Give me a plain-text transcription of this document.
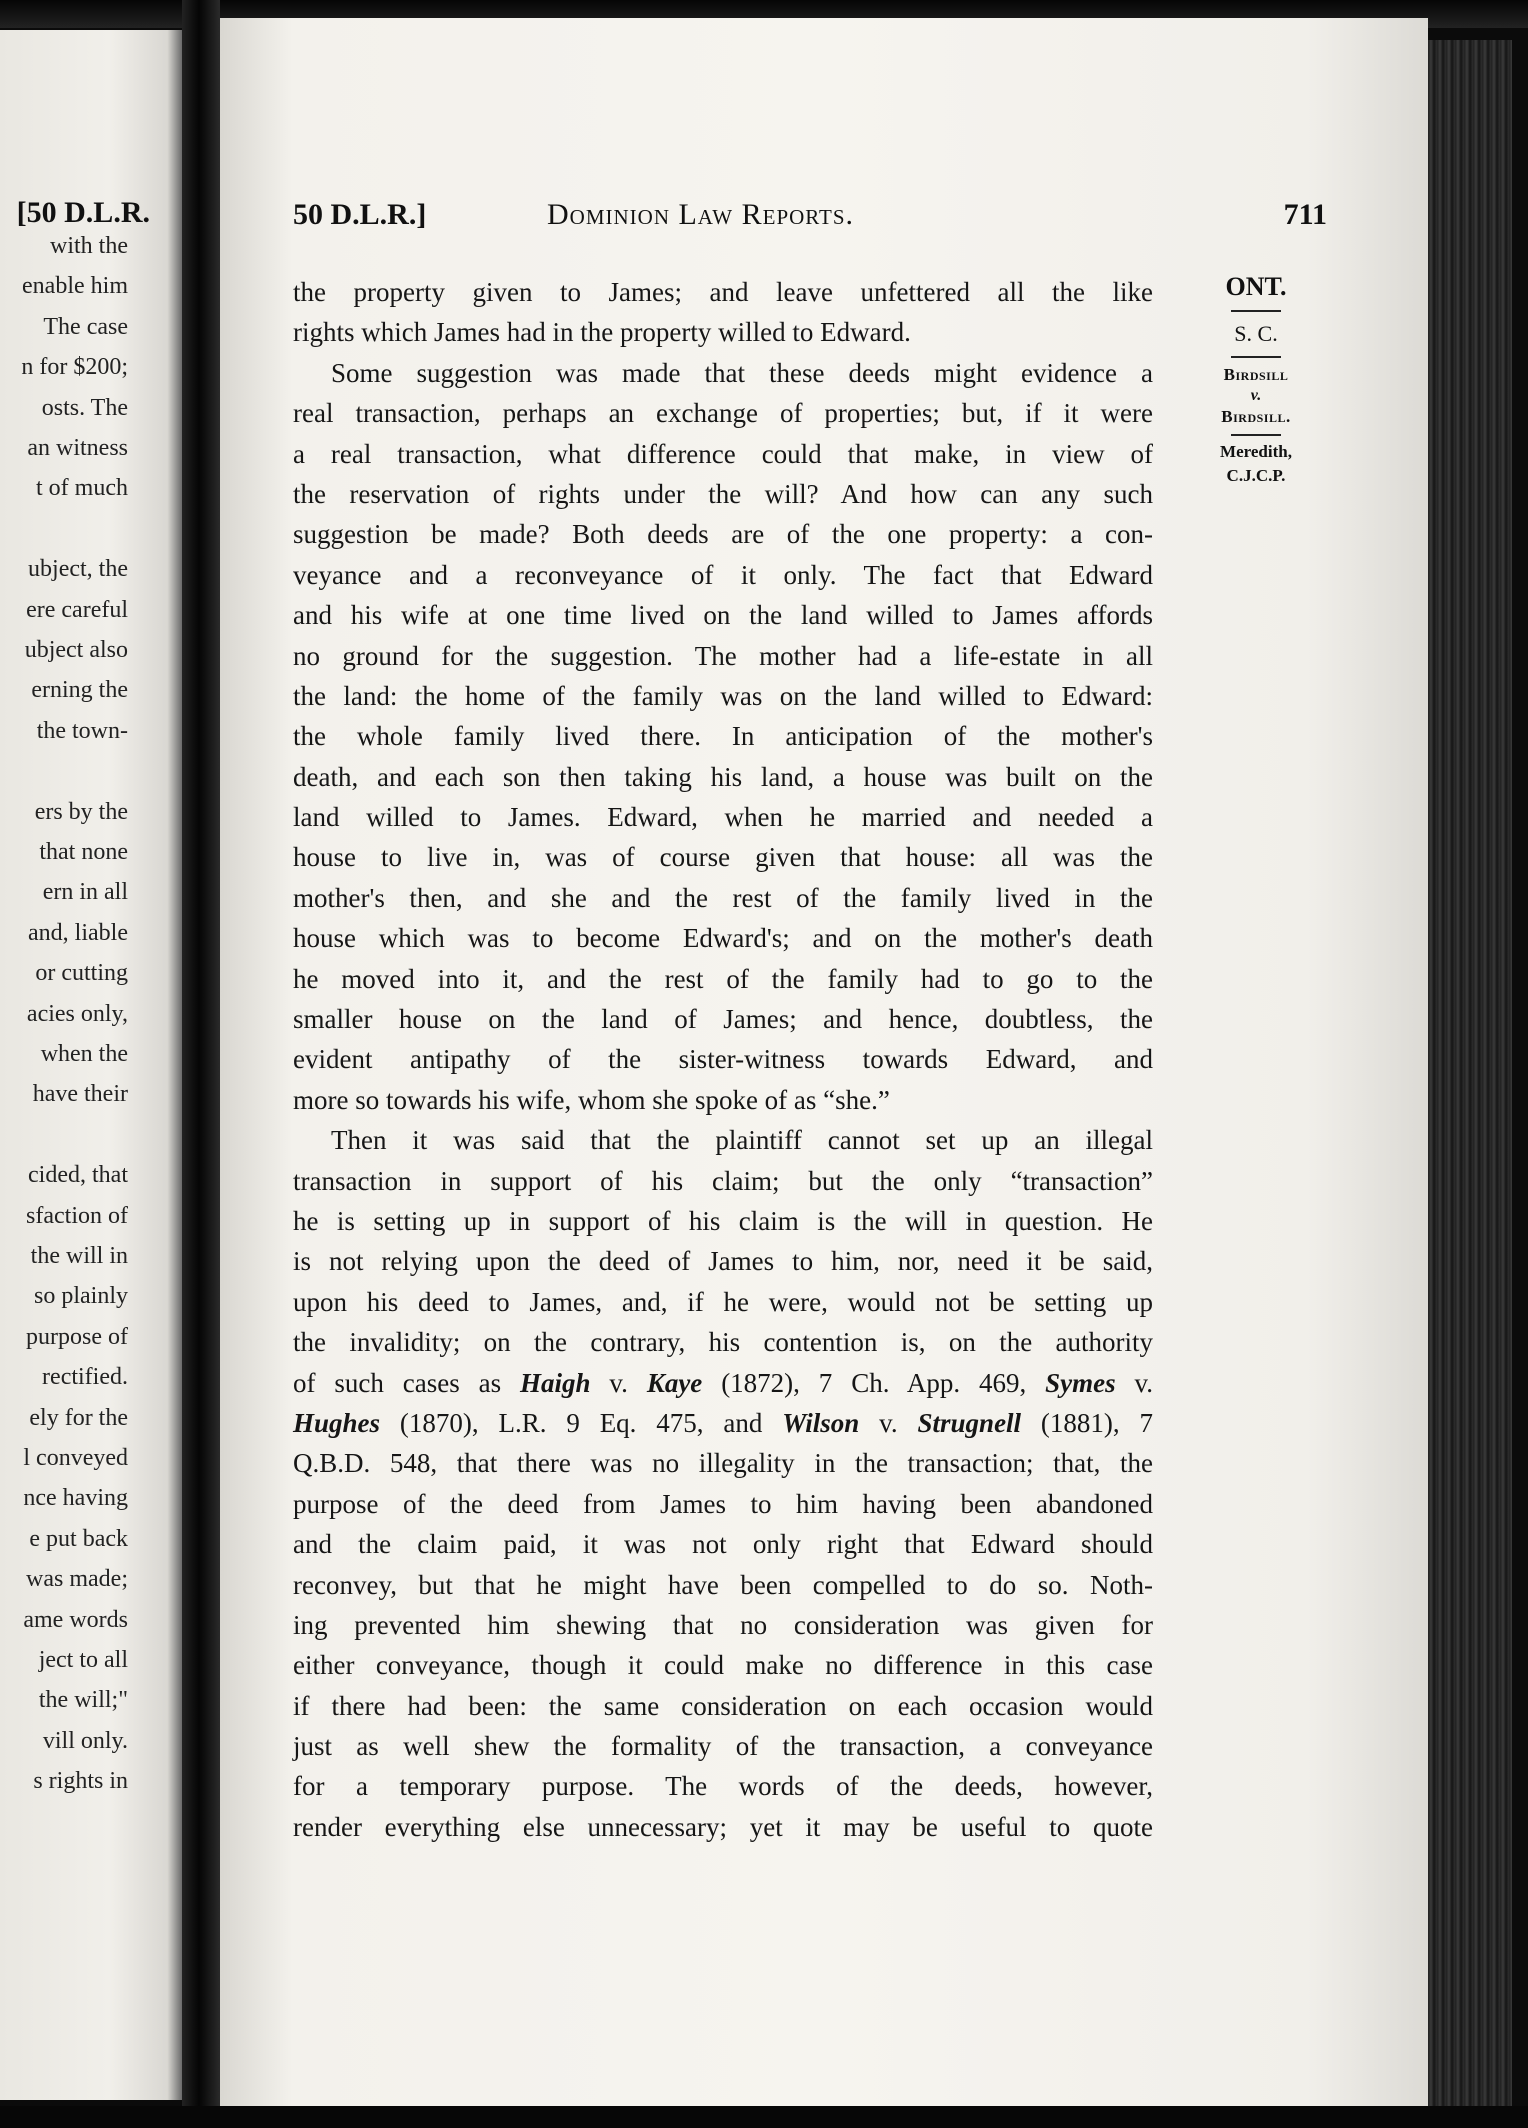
[50 D.L.R.
with the
enable him
The case
n for $200;
osts. The
an witness
t of much
ubject, the
ere careful
ubject also
erning the
the town-
ers by the
that none
ern in all
and, liable
or cutting
acies only,
when the
have their
cided, that
sfaction of
the will in
so plainly
purpose of
rectified.
ely for the
l conveyed
nce having
e put back
was made;
ame words
ject to all
the will;"
vill only.
s rights in
50 D.L.R.]	Dominion Law Reports.	711
ONT.
S. C.
Birdsill
v.
Birdsill.
Meredith,
C.J.C.P.
the property given to James; and leave unfettered all the like
rights which James had in the property willed to Edward.
Some suggestion was made that these deeds might evidence a
real transaction, perhaps an exchange of properties; but, if it were
a real transaction, what difference could that make, in view of
the reservation of rights under the will? And how can any such
suggestion be made? Both deeds are of the one property: a con-
veyance and a reconveyance of it only. The fact that Edward
and his wife at one time lived on the land willed to James affords
no ground for the suggestion. The mother had a life-estate in all
the land: the home of the family was on the land willed to Edward:
the whole family lived there. In anticipation of the mother's
death, and each son then taking his land, a house was built on the
land willed to James. Edward, when he married and needed a
house to live in, was of course given that house: all was the
mother's then, and she and the rest of the family lived in the
house which was to become Edward's; and on the mother's death
he moved into it, and the rest of the family had to go to the
smaller house on the land of James; and hence, doubtless, the
evident antipathy of the sister-witness towards Edward, and
more so towards his wife, whom she spoke of as “she.”
Then it was said that the plaintiff cannot set up an illegal
transaction in support of his claim; but the only “transaction”
he is setting up in support of his claim is the will in question. He
is not relying upon the deed of James to him, nor, need it be said,
upon his deed to James, and, if he were, would not be setting up
the invalidity; on the contrary, his contention is, on the authority
of such cases as Haigh v. Kaye (1872), 7 Ch. App. 469, Symes v.
Hughes (1870), L.R. 9 Eq. 475, and Wilson v. Strugnell (1881), 7
Q.B.D. 548, that there was no illegality in the transaction; that, the
purpose of the deed from James to him having been abandoned
and the claim paid, it was not only right that Edward should
reconvey, but that he might have been compelled to do so. Noth-
ing prevented him shewing that no consideration was given for
either conveyance, though it could make no difference in this case
if there had been: the same consideration on each occasion would
just as well shew the formality of the transaction, a conveyance
for a temporary purpose. The words of the deeds, however,
render everything else unnecessary; yet it may be useful to quote
